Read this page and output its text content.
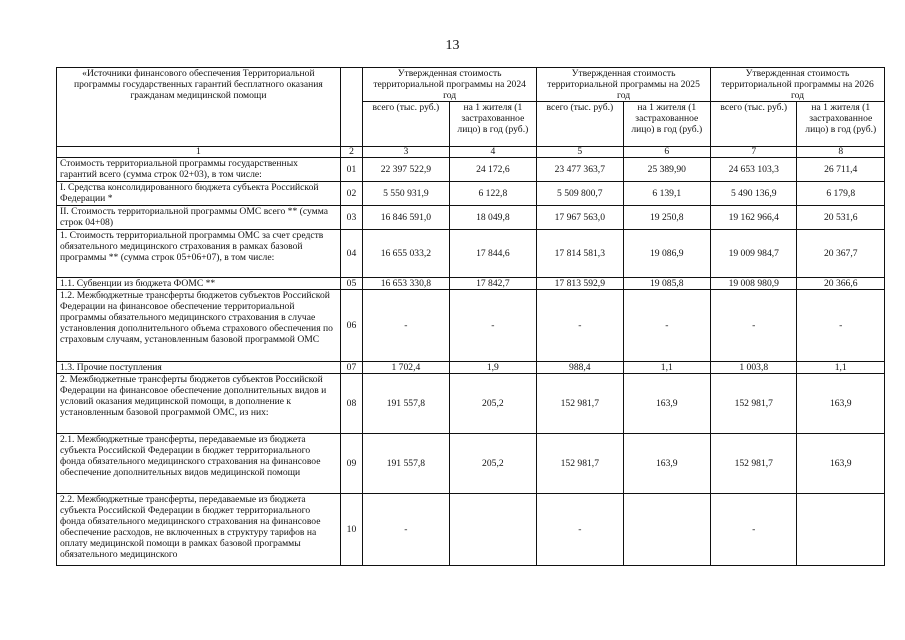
13
«Источники финансового обеспечения Территориальной программы государственных гарантий бесплатного оказания гражданам медицинской помощи		Утвержденная стоимость территориальной программы на 2024 год		Утвержденная стоимость территориальной программы на 2025 год		Утвержденная стоимость территориальной программы на 2026 год	
		всего (тыс. руб.)	на 1 жителя (1 застрахованное лицо) в год (руб.)	всего (тыс. руб.)	на 1 жителя (1 застрахованное лицо) в год (руб.)	всего (тыс. руб.)	на 1 жителя (1 застрахованное лицо) в год (руб.)
1	2	3	4	5	6	7	8
Стоимость территориальной программы государственных гарантий всего (сумма строк 02+03), в том числе:	01	22 397 522,9	24 172,6	23 477 363,7	25 389,90	24 653 103,3	26 711,4
I. Средства консолидированного бюджета субъекта Российской Федерации *	02	5 550 931,9	6 122,8	5 509 800,7	6 139,1	5 490 136,9	6 179,8
II. Стоимость территориальной программы ОМС всего ** (сумма строк 04+08)	03	16 846 591,0	18 049,8	17 967 563,0	19 250,8	19 162 966,4	20 531,6
1. Стоимость территориальной программы ОМС за счет средств обязательного медицинского страхования в рамках базовой программы ** (сумма строк 05+06+07), в том числе:	04	16 655 033,2	17 844,6	17 814 581,3	19 086,9	19 009 984,7	20 367,7
1.1. Субвенции из бюджета ФОМС **	05	16 653 330,8	17 842,7	17 813 592,9	19 085,8	19 008 980,9	20 366,6
1.2. Межбюджетные трансферты бюджетов субъектов Российской Федерации на финансовое обеспечение территориальной программы обязательного медицинского страхования в случае установления дополнительного объема страхового обеспечения по страховым случаям, установленным базовой программой ОМС	06	-	-	-	-	-	-
1.3. Прочие поступления	07	1 702,4	1,9	988,4	1,1	1 003,8	1,1
2. Межбюджетные трансферты бюджетов субъектов Российской Федерации на финансовое обеспечение дополнительных видов и условий оказания медицинской помощи, в дополнение к установленным базовой программой ОМС, из них:	08	191 557,8	205,2	152 981,7	163,9	152 981,7	163,9
2.1. Межбюджетные трансферты, передаваемые из бюджета субъекта Российской Федерации в бюджет территориального фонда обязательного медицинского страхования на финансовое обеспечение дополнительных видов медицинской помощи	09	191 557,8	205,2	152 981,7	163,9	152 981,7	163,9
2.2. Межбюджетные трансферты, передаваемые из бюджета субъекта Российской Федерации в бюджет территориального фонда обязательного медицинского страхования на финансовое обеспечение расходов, не включенных в структуру тарифов на оплату медицинской помощи в рамках базовой программы обязательного медицинского	10	-		-		-	
